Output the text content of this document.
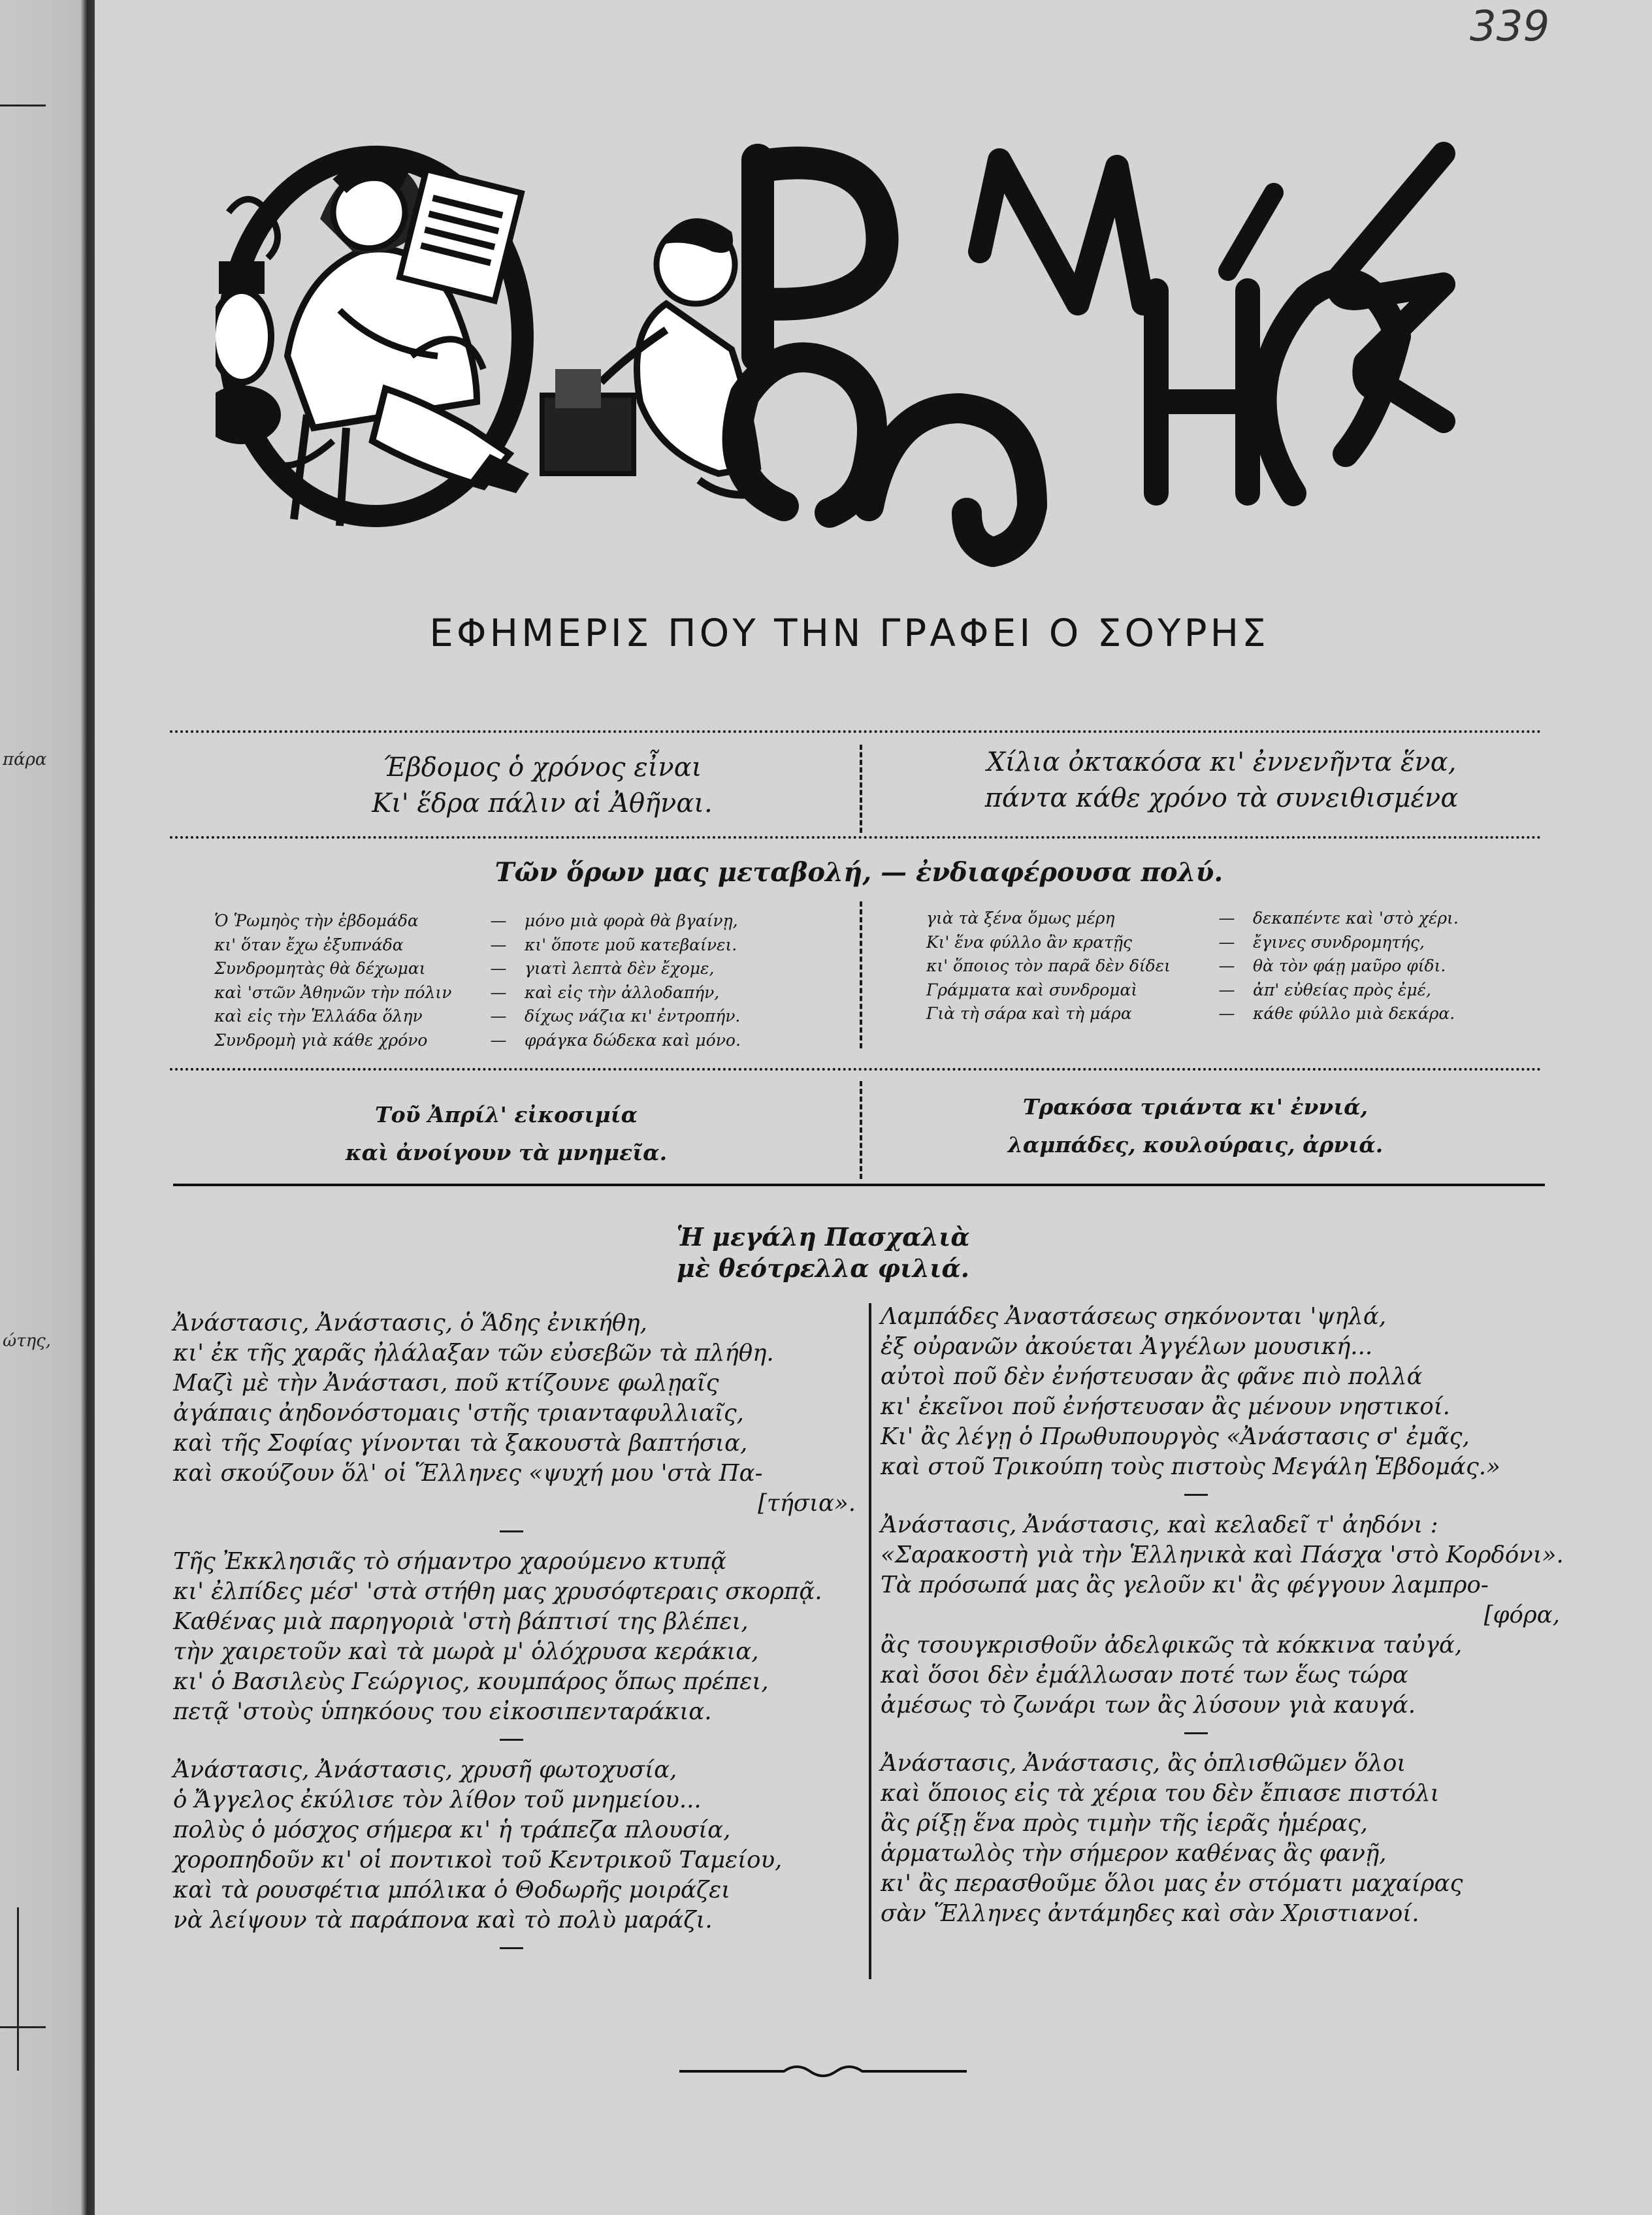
πάρα
ώτης,
339
ΕΦΗΜΕΡΙΣ ΠΟΥ ΤΗΝ ΓΡΑΦΕΙ Ο ΣΟΥΡΗΣ
Έβδομος ὁ χρόνος εἶναι
Κι' ἕδρα πάλιν αἱ Ἀθῆναι.
Χίλια ὀκτακόσα κι' ἐννενῆντα ἕνα,
πάντα κάθε χρόνο τὰ συνειθισμένα
Τῶν ὅρων μας μεταβολή, — ἐνδιαφέρουσα πολύ.
Ὁ Ῥωμηὸς τὴν ἑβδομάδα	—	μόνο μιὰ φορὰ θὰ βγαίνῃ,
κι' ὅταν ἔχω ἐξυπνάδα	—	κι' ὅποτε μοῦ κατεβαίνει.
Συνδρομητὰς θὰ δέχωμαι	—	γιατὶ λεπτὰ δὲν ἔχομε,
καὶ 'στῶν Ἀθηνῶν τὴν πόλιν	—	καὶ εἰς τὴν ἀλλοδαπήν,
καὶ εἰς τὴν Ἑλλάδα ὅλην	—	δίχως νάζια κι' ἐντροπήν.
Συνδρομὴ γιὰ κάθε χρόνο	—	φράγκα δώδεκα καὶ μόνο.
γιὰ τὰ ξένα ὅμως μέρη	—	δεκαπέντε καὶ 'στὸ χέρι.
Κι' ἕνα φύλλο ἂν κρατῇς	—	ἔγινες συνδρομητής,
κι' ὅποιος τὸν παρᾶ δὲν δίδει	—	θὰ τὸν φάῃ μαῦρο φίδι.
Γράμματα καὶ συνδρομαὶ	—	ἀπ' εὐθείας πρὸς ἐμέ,
Γιὰ τὴ σάρα καὶ τὴ μάρα	—	κάθε φύλλο μιὰ δεκάρα.
Τοῦ Ἀπρίλ' εἰκοσιμία
καὶ ἀνοίγουν τὰ μνημεῖα.
Τρακόσα τριάντα κι' ἐννιά,
λαμπάδες, κουλούραις, ἀρνιά.
Ἡ μεγάλη Πασχαλιὰ
μὲ θεότρελλα φιλιά.
Ἀνάστασις, Ἀνάστασις, ὁ Ἅδης ἐνικήθη,
κι' ἐκ τῆς χαρᾶς ἠλάλαξαν τῶν εὐσεβῶν τὰ πλήθη.
Μαζὶ μὲ τὴν Ἀνάστασι, ποῦ κτίζουνε φωλῃαῖς
ἀγάπαις ἀηδονόστομαις 'στῆς τριανταφυλλιαῖς,
καὶ τῆς Σοφίας γίνονται τὰ ξακουστὰ βαπτήσια,
καὶ σκούζουν ὅλ' οἱ Ἕλληνες «ψυχή μου 'στὰ Πα-
[τήσια».
Τῆς Ἐκκλησιᾶς τὸ σήμαντρο χαρούμενο κτυπᾷ
κι' ἐλπίδες μέσ' 'στὰ στήθη μας χρυσόφτεραις σκορπᾷ.
Καθένας μιὰ παρηγοριὰ 'στὴ βάπτισί της βλέπει,
τὴν χαιρετοῦν καὶ τὰ μωρὰ μ' ὁλόχρυσα κεράκια,
κι' ὁ Βασιλεὺς Γεώργιος, κουμπάρος ὅπως πρέπει,
πετᾷ 'στοὺς ὑπηκόους του εἰκοσιπενταράκια.
Ἀνάστασις, Ἀνάστασις, χρυσῆ φωτοχυσία,
ὁ Ἄγγελος ἐκύλισε τὸν λίθον τοῦ μνημείου...
πολὺς ὁ μόσχος σήμερα κι' ἡ τράπεζα πλουσία,
χοροπηδοῦν κι' οἱ ποντικοὶ τοῦ Κεντρικοῦ Ταμείου,
καὶ τὰ ρουσφέτια μπόλικα ὁ Θοδωρῆς μοιράζει
νὰ λείψουν τὰ παράπονα καὶ τὸ πολὺ μαράζι.
Λαμπάδες Ἀναστάσεως σηκόνονται 'ψηλά,
ἐξ οὐρανῶν ἀκούεται Ἀγγέλων μουσική...
αὐτοὶ ποῦ δὲν ἐνήστευσαν ἂς φᾶνε πιὸ πολλά
κι' ἐκεῖνοι ποῦ ἐνήστευσαν ἂς μένουν νηστικοί.
Κι' ἂς λέγῃ ὁ Πρωθυπουργὸς «Ἀνάστασις σ' ἐμᾶς,
καὶ στοῦ Τρικούπη τοὺς πιστοὺς Μεγάλη Ἑβδομάς.»
Ἀνάστασις, Ἀνάστασις, καὶ κελαδεῖ τ' ἀηδόνι :
«Σαρακοστὴ γιὰ τὴν Ἑλληνικὰ καὶ Πάσχα 'στὸ Κορδόνι».
Τὰ πρόσωπά μας ἂς γελοῦν κι' ἂς φέγγουν λαμπρο-
[φόρα,
ἂς τσουγκρισθοῦν ἀδελφικῶς τὰ κόκκινα ταὐγά,
καὶ ὅσοι δὲν ἐμάλλωσαν ποτέ των ἕως τώρα
ἀμέσως τὸ ζωνάρι των ἂς λύσουν γιὰ καυγά.
Ἀνάστασις, Ἀνάστασις, ἂς ὁπλισθῶμεν ὅλοι
καὶ ὅποιος εἰς τὰ χέρια του δὲν ἔπιασε πιστόλι
ἂς ρίξῃ ἕνα πρὸς τιμὴν τῆς ἱερᾶς ἡμέρας,
ἁρματωλὸς τὴν σήμερον καθένας ἂς φανῇ,
κι' ἂς περασθοῦμε ὅλοι μας ἐν στόματι μαχαίρας
σὰν Ἕλληνες ἀντάμηδες καὶ σὰν Χριστιανοί.
